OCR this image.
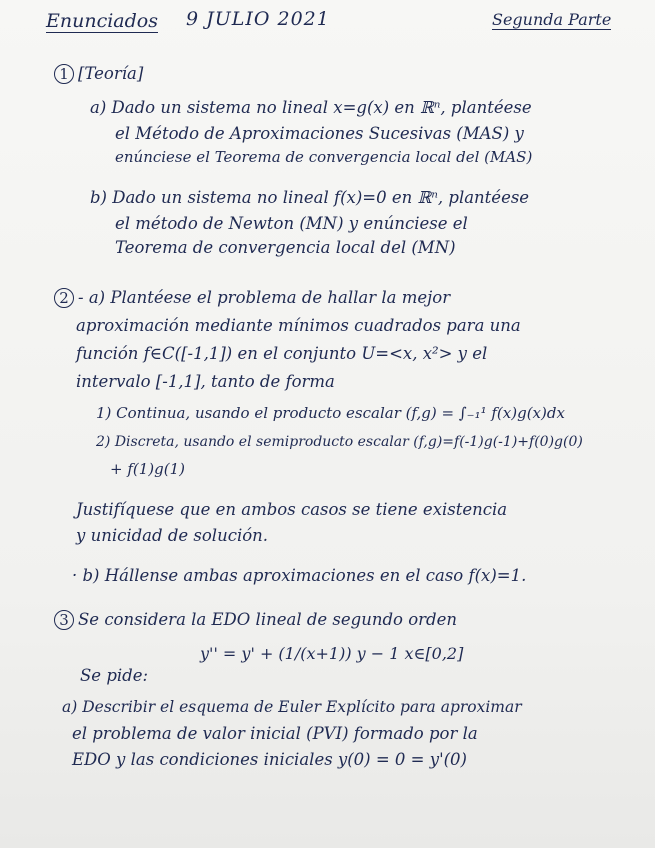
Enunciados 9 JULIO 2021	Segunda Parte
1 [Teoría]
a) Dado un sistema no lineal x=g(x) en ℝⁿ, plantéese
el Método de Aproximaciones Sucesivas (MAS) y
enúnciese el Teorema de convergencia local del (MAS)
b) Dado un sistema no lineal f(x)=0 en ℝⁿ, plantéese
el método de Newton (MN) y enúnciese el
Teorema de convergencia local del (MN)
2 - a) Plantéese el problema de hallar la mejor
aproximación mediante mínimos cuadrados para una
función f∈C([-1,1]) en el conjunto U=<x, x²> y el
intervalo [-1,1], tanto de forma
1) Continua, usando el producto escalar (f,g) = ∫₋₁¹ f(x)g(x)dx
2) Discreta, usando el semiproducto escalar (f,g)=f(-1)g(-1)+f(0)g(0)
+ f(1)g(1)
Justifíquese que en ambos casos se tiene existencia
y unicidad de solución.
· b) Hállense ambas aproximaciones en el caso f(x)=1.
3 Se considera la EDO lineal de segundo orden
y'' = y' + (1/(x+1)) y − 1 x∈[0,2]
Se pide:
a) Describir el esquema de Euler Explícito para aproximar
el problema de valor inicial (PVI) formado por la
EDO y las condiciones iniciales y(0) = 0 = y'(0)
